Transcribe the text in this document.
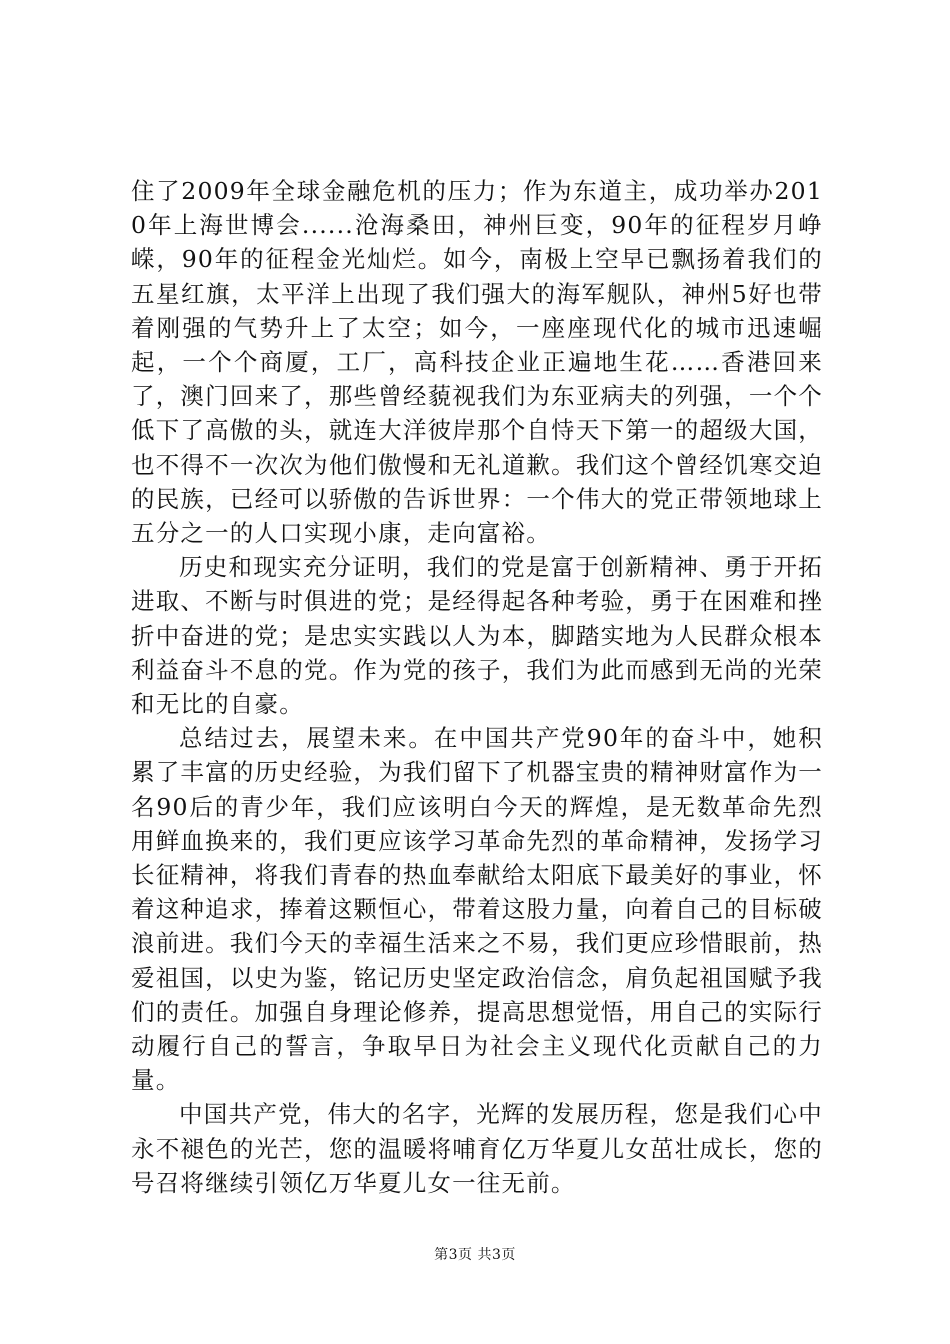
住了2009年全球金融危机的压力；作为东道主，成功举办2010年上海世博会......沧海桑田，神州巨变，90年的征程岁月峥嵘，90年的征程金光灿烂。如今，南极上空早已飘扬着我们的五星红旗，太平洋上出现了我们强大的海军舰队，神州5好也带着刚强的气势升上了太空；如今，一座座现代化的城市迅速崛起，一个个商厦，工厂，高科技企业正遍地生花……香港回来了，澳门回来了，那些曾经藐视我们为东亚病夫的列强，一个个低下了高傲的头，就连大洋彼岸那个自恃天下第一的超级大国，也不得不一次次为他们傲慢和无礼道歉。我们这个曾经饥寒交迫的民族，已经可以骄傲的告诉世界：一个伟大的党正带领地球上五分之一的人口实现小康，走向富裕。

历史和现实充分证明，我们的党是富于创新精神、勇于开拓进取、不断与时俱进的党；是经得起各种考验，勇于在困难和挫折中奋进的党；是忠实实践以人为本，脚踏实地为人民群众根本利益奋斗不息的党。作为党的孩子，我们为此而感到无尚的光荣和无比的自豪。

总结过去，展望未来。在中国共产党90年的奋斗中，她积累了丰富的历史经验，为我们留下了机器宝贵的精神财富作为一名90后的青少年，我们应该明白今天的辉煌，是无数革命先烈用鲜血换来的，我们更应该学习革命先烈的革命精神，发扬学习长征精神，将我们青春的热血奉献给太阳底下最美好的事业，怀着这种追求，捧着这颗恒心，带着这股力量，向着自己的目标破浪前进。我们今天的幸福生活来之不易，我们更应珍惜眼前，热爱祖国，以史为鉴，铭记历史坚定政治信念，肩负起祖国赋予我们的责任。加强自身理论修养，提高思想觉悟，用自己的实际行动履行自己的誓言，争取早日为社会主义现代化贡献自己的力量。

中国共产党，伟大的名字，光辉的发展历程，您是我们心中永不褪色的光芒，您的温暖将哺育亿万华夏儿女茁壮成长，您的号召将继续引领亿万华夏儿女一往无前。

第3页 共3页
